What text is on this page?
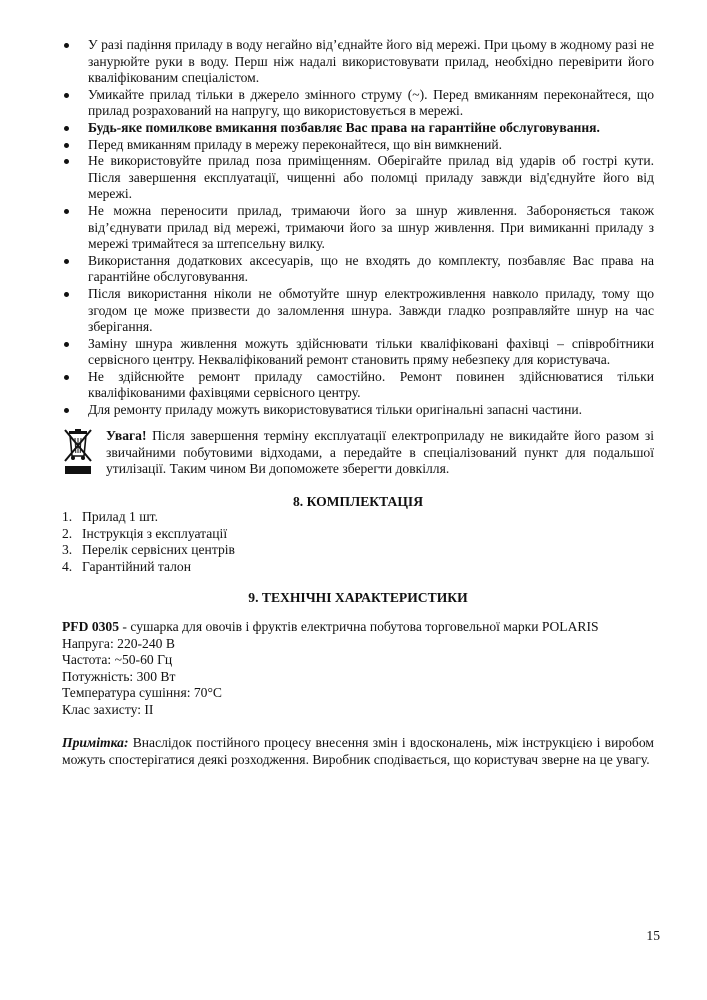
У разі падіння приладу в воду негайно від’єднайте його від мережі. При цьому в жодному разі не занурюйте руки в воду. Перш ніж надалі використовувати прилад, необхідно перевірити його кваліфікованим спеціалістом.
Умикайте прилад тільки в джерело змінного струму (~). Перед вмиканням переконайтеся, що прилад розрахований на напругу, що використовується в мережі.
Будь-яке помилкове вмикання позбавляє Вас права на гарантійне обслуговування.
Перед вмиканням приладу в мережу переконайтеся, що він вимкнений.
Не використовуйте прилад поза приміщенням. Оберігайте прилад від ударів об гострі кути. Після завершення експлуатації, чищенні або поломці приладу завжди від'єднуйте його від мережі.
Не можна переносити прилад, тримаючи його за шнур живлення. Забороняється також від’єднувати прилад від мережі, тримаючи його за шнур живлення. При вимиканні приладу з мережі тримайтеся за штепсельну вилку.
Використання додаткових аксесуарів, що не входять до комплекту, позбавляє Вас права на гарантійне обслуговування.
Після використання ніколи не обмотуйте шнур електроживлення навколо приладу, тому що згодом це може призвести до заломлення шнура. Завжди гладко розправляйте шнур на час зберігання.
Заміну шнура живлення можуть здійснювати тільки кваліфіковані фахівці – співробітники сервісного центру. Некваліфікований ремонт становить пряму небезпеку для користувача.
Не здійснюйте ремонт приладу самостійно. Ремонт повинен здійснюватися тільки кваліфікованими фахівцями сервісного центру.
Для ремонту приладу можуть використовуватися тільки оригінальні запасні частини.
Увага! Після завершення терміну експлуатації електроприладу не викидайте його разом зі звичайними побутовими відходами, а передайте в спеціалізований пункт для подальшої утилізації. Таким чином Ви допоможете зберегти довкілля.
8. КОМПЛЕКТАЦІЯ
1. Прилад 1 шт.
2. Інструкція з експлуатації
3. Перелік сервісних центрів
4. Гарантійний талон
9. ТЕХНІЧНІ ХАРАКТЕРИСТИКИ
PFD 0305 - сушарка для овочів і фруктів електрична побутова торговельної марки POLARIS
Напруга: 220-240 В
Частота: ~50-60 Гц
Потужність: 300 Вт
Температура сушіння: 70°C
Клас захисту: II
Примітка: Внаслідок постійного процесу внесення змін і вдосконалень, між інструкцією і виробом можуть спостерігатися деякі розходження. Виробник сподівається, що користувач зверне на це увагу.
15
